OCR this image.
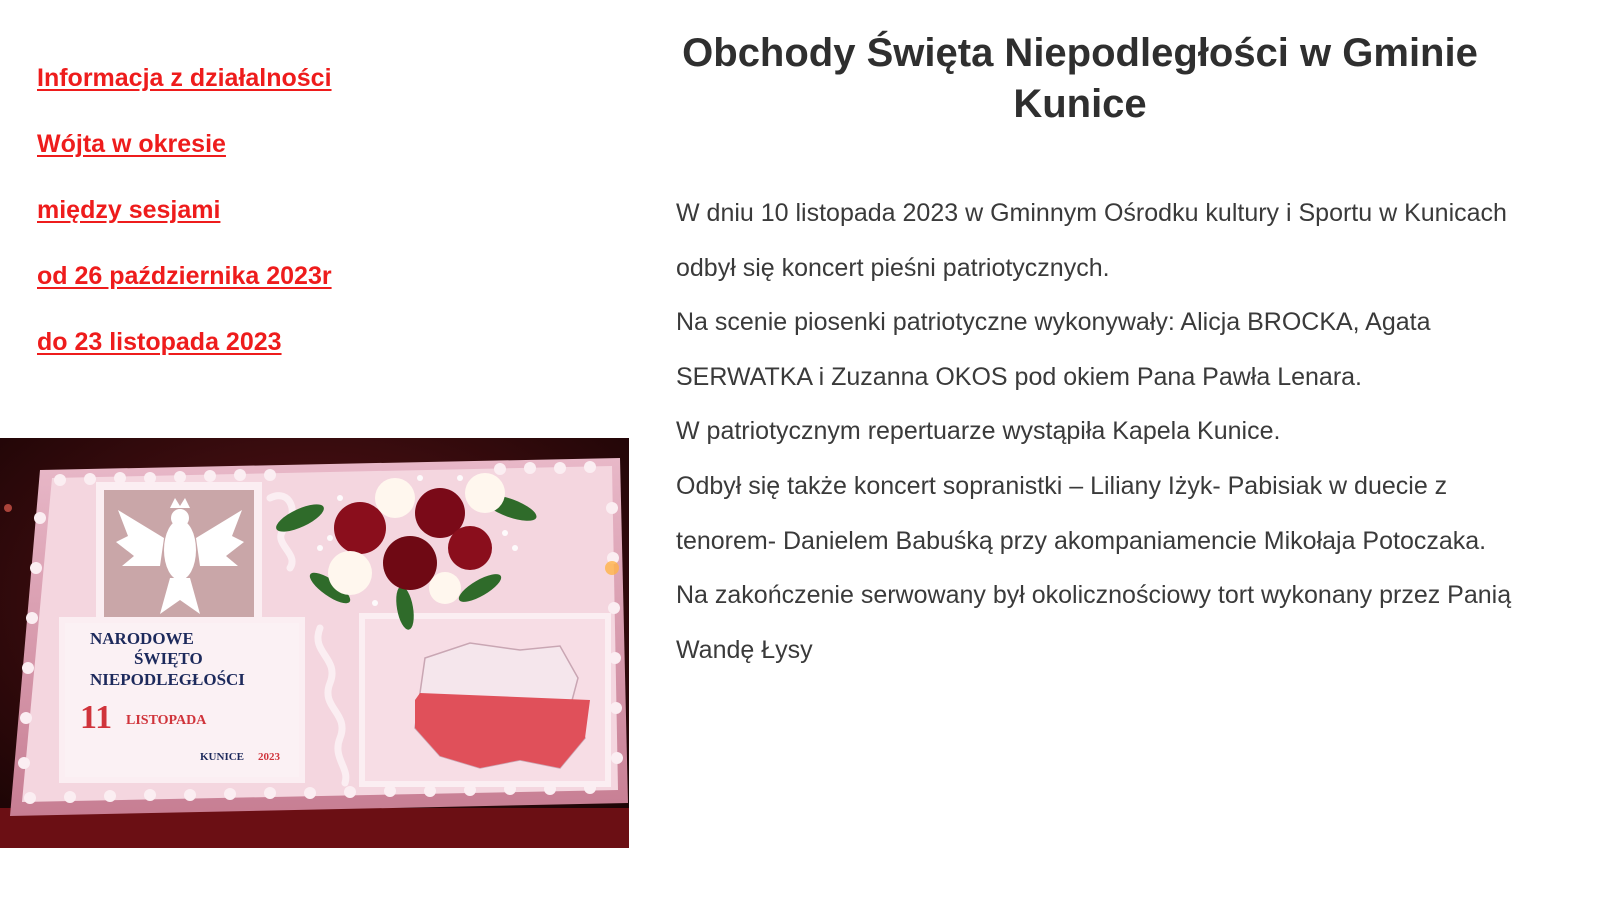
Informacja z działalności
Wójta w okresie
między sesjami
od 26 października 2023r
do 23 listopada 2023
Obchody Święta Niepodległości w Gminie Kunice

W dniu 10 listopada 2023 w Gminnym Ośrodku kultury i Sportu w Kunicach odbył się koncert pieśni patriotycznych.

Na scenie piosenki patriotyczne wykonywały: Alicja BROCKA, Agata SERWATKA i Zuzanna OKOS pod okiem Pana Pawła Lenara.

W patriotycznym repertuarze wystąpiła Kapela Kunice.

Odbył się także koncert sopranistki – Liliany Iżyk- Pabisiak w duecie z tenorem- Danielem Babuśką przy akompaniamencie Mikołaja Potoczaka.

Na zakończenie serwowany był okolicznościowy tort wykonany przez Panią Wandę Łysy

NARODOWE
ŚWIĘTO
NIEPODLEGŁOŚCI
11 LISTOPADA
KUNICE 2023
